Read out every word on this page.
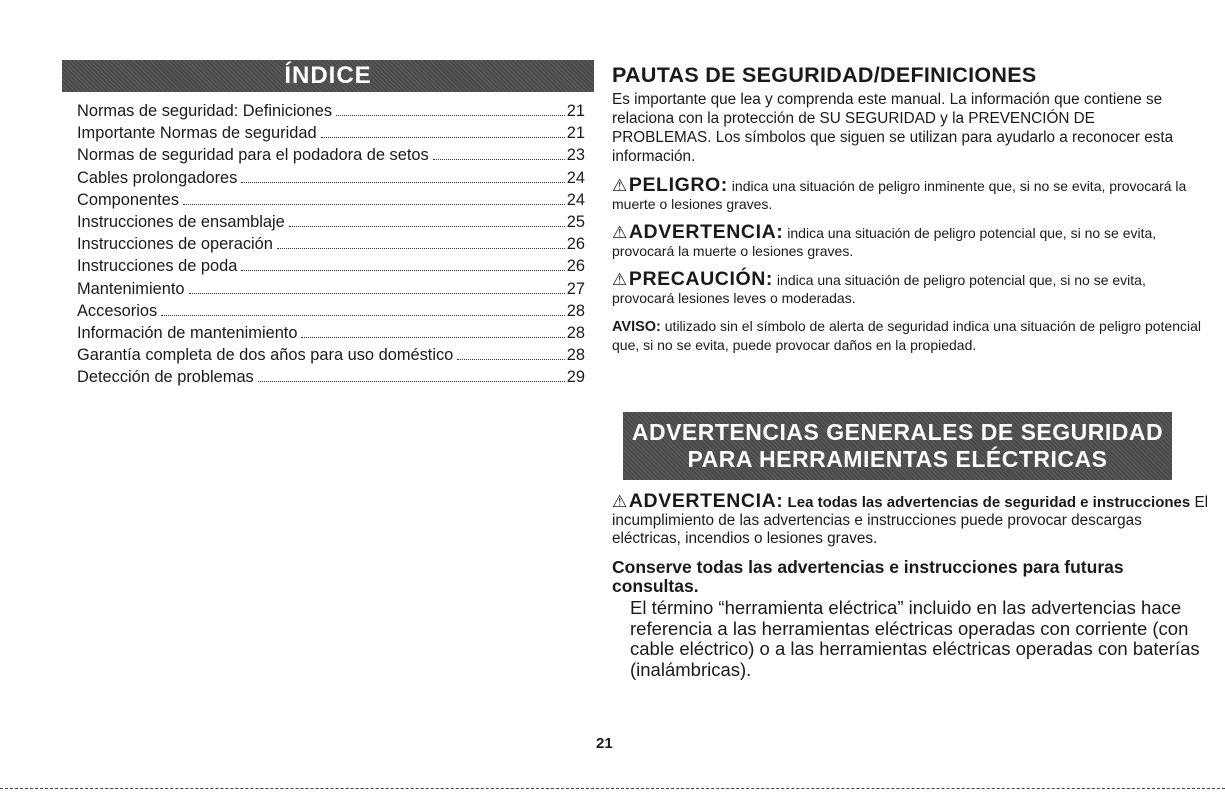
ÍNDICE
Normas de seguridad: Definiciones	21
Importante Normas de seguridad	21
Normas de seguridad para el podadora de setos	23
Cables prolongadores	24
Componentes	24
Instrucciones de ensamblaje	25
Instrucciones de operación	26
Instrucciones de poda	26
Mantenimiento	27
Accesorios	28
Información de mantenimiento	28
Garantía completa de dos años para uso doméstico	28
Detección de problemas	29
PAUTAS DE SEGURIDAD/DEFINICIONES

Es importante que lea y comprenda este manual. La información que contiene se relaciona con la protección de SU SEGURIDAD y la PREVENCIÓN DE PROBLEMAS. Los símbolos que siguen se utilizan para ayudarlo a reconocer esta información.

⚠PELIGRO: indica una situación de peligro inminente que, si no se evita, provocará la muerte o lesiones graves.

⚠ADVERTENCIA: indica una situación de peligro potencial que, si no se evita, provocará la muerte o lesiones graves.

⚠PRECAUCIÓN: indica una situación de peligro potencial que, si no se evita, provocará lesiones leves o moderadas.

AVISO: utilizado sin el símbolo de alerta de seguridad indica una situación de peligro potencial que, si no se evita, puede provocar daños en la propiedad.

ADVERTENCIAS GENERALES DE SEGURIDAD
PARA HERRAMIENTAS ELÉCTRICAS

⚠ADVERTENCIA: Lea todas las advertencias de seguridad e instrucciones El incumplimiento de las advertencias e instrucciones puede provocar descargas eléctricas, incendios o lesiones graves.

Conserve todas las advertencias e instrucciones para futuras consultas.

El término “herramienta eléctrica” incluido en las advertencias hace referencia a las herramientas eléctricas operadas con corriente (con cable eléctrico) o a las herramientas eléctricas operadas con baterías (inalámbricas).

21
